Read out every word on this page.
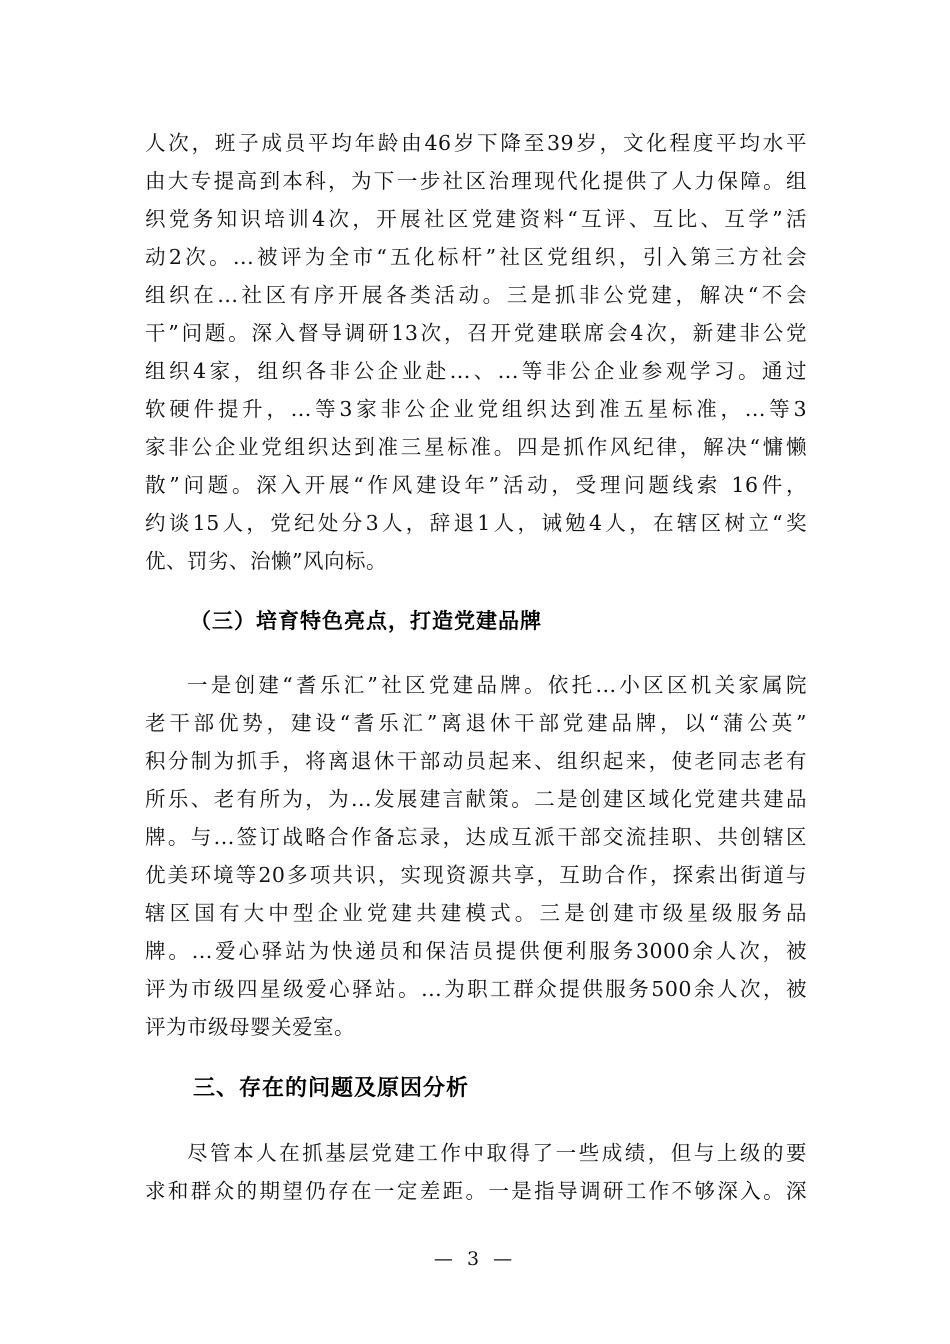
人次，班子成员平均年龄由46岁下降至39岁，文化程度平均水平
由大专提高到本科，为下一步社区治理现代化提供了人力保障。组
织党务知识培训4次，开展社区党建资料“互评、互比、互学”活
动2次。...被评为全市“五化标杆”社区党组织，引入第三方社会
组织在...社区有序开展各类活动。三是抓非公党建，解决“不会
干”问题。深入督导调研13次，召开党建联席会4次，新建非公党
组织4家，组织各非公企业赴...、...等非公企业参观学习。通过
软硬件提升，...等3家非公企业党组织达到准五星标准，...等3
家非公企业党组织达到准三星标准。四是抓作风纪律，解决“慵懒
散”问题。深入开展“作风建设年”活动，受理问题线索 16件，
约谈15人，党纪处分3人，辞退1人，诫勉4人，在辖区树立“奖
优、罚劣、治懒”风向标。
（三）培育特色亮点，打造党建品牌
一是创建“耆乐汇”社区党建品牌。依托...小区区机关家属院
老干部优势，建设“耆乐汇”离退休干部党建品牌，以“蒲公英”
积分制为抓手，将离退休干部动员起来、组织起来，使老同志老有
所乐、老有所为，为...发展建言献策。二是创建区域化党建共建品
牌。与...签订战略合作备忘录，达成互派干部交流挂职、共创辖区
优美环境等20多项共识，实现资源共享，互助合作，探索出街道与
辖区国有大中型企业党建共建模式。三是创建市级星级服务品
牌。...爱心驿站为快递员和保洁员提供便利服务3000余人次，被
评为市级四星级爱心驿站。...为职工群众提供服务500余人次，被
评为市级母婴关爱室。
三、存在的问题及原因分析
尽管本人在抓基层党建工作中取得了一些成绩，但与上级的要
求和群众的期望仍存在一定差距。一是指导调研工作不够深入。深
— 3 —
